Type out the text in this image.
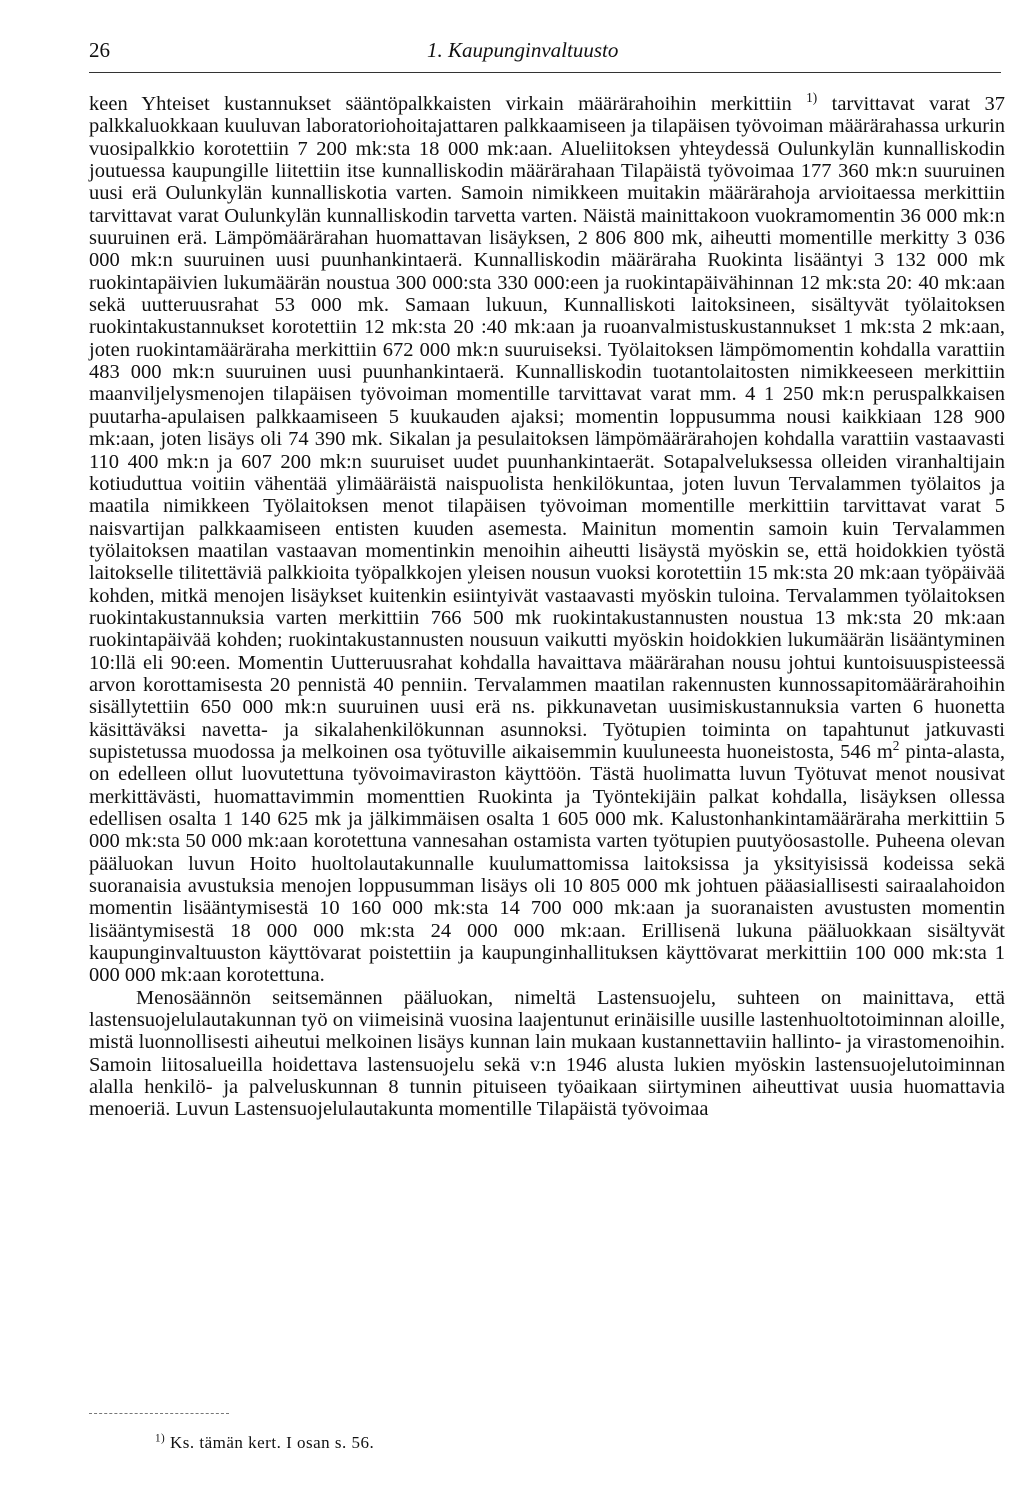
26	1. Kaupunginvaltuusto

keen Yhteiset kustannukset sääntöpalkkaisten virkain määrärahoihin merkittiin $^{1)}$ tarvittavat varat 37 palkkaluokkaan kuuluvan laboratoriohoitajattaren palkkaamiseen ja tilapäisen työvoiman määrärahassa urkurin vuosipalkkio korotettiin 7 200 mk:sta 18 000 mk:aan. Alueliitoksen yhteydessä Oulunkylän kunnalliskodin joutuessa kaupungille liitettiin itse kunnalliskodin määrärahaan Tilapäistä työvoimaa 177 360 mk:n suuruinen uusi erä Oulunkylän kunnalliskotia varten. Samoin nimikkeen muitakin määrärahoja arvioitaessa merkittiin tarvittavat varat Oulunkylän kunnalliskodin tarvetta varten. Näistä mainittakoon vuokramomentin 36 000 mk:n suuruinen erä. Lämpömäärärahan huomattavan lisäyksen, 2 806 800 mk, aiheutti momentille merkitty 3 036 000 mk:n suuruinen uusi puunhankintaerä. Kunnalliskodin määräraha Ruokinta lisääntyi 3 132 000 mk ruokintapäivien lukumäärän noustua 300 000:sta 330 000:een ja ruokintapäivähinnan 12 mk:sta 20: 40 mk:aan sekä uutteruusrahat 53 000 mk. Samaan lukuun, Kunnalliskoti laitoksineen, sisältyvät työlaitoksen ruokintakustannukset korotettiin 12 mk:sta 20 :40 mk:aan ja ruoanvalmistuskustannukset 1 mk:sta 2 mk:aan, joten ruokintamääräraha merkittiin 672 000 mk:n suuruiseksi. Työlaitoksen lämpömomentin kohdalla varattiin 483 000 mk:n suuruinen uusi puunhankintaerä. Kunnalliskodin tuotantolaitosten nimikkeeseen merkittiin maanviljelysmenojen tilapäisen työvoiman momentille tarvittavat varat mm. 4 1 250 mk:n peruspalkkaisen puutarha-apulaisen palkkaamiseen 5 kuukauden ajaksi; momentin loppusumma nousi kaikkiaan 128 900 mk:aan, joten lisäys oli 74 390 mk. Sikalan ja pesulaitoksen lämpömäärärahojen kohdalla varattiin vastaavasti 110 400 mk:n ja 607 200 mk:n suuruiset uudet puunhankintaerät. Sotapalveluksessa olleiden viranhaltijain kotiuduttua voitiin vähentää ylimääräistä naispuolista henkilökuntaa, joten luvun Tervalammen työlaitos ja maatila nimikkeen Työlaitoksen menot tilapäisen työvoiman momentille merkittiin tarvittavat varat 5 naisvartijan palkkaamiseen entisten kuuden asemesta. Mainitun momentin samoin kuin Tervalammen työlaitoksen maatilan vastaavan momentinkin menoihin aiheutti lisäystä myöskin se, että hoidokkien työstä laitokselle tilitettäviä palkkioita työpalkkojen yleisen nousun vuoksi korotettiin 15 mk:sta 20 mk:aan työpäivää kohden, mitkä menojen lisäykset kuitenkin esiintyivät vastaavasti myöskin tuloina. Tervalammen työlaitoksen ruokintakustannuksia varten merkittiin 766 500 mk ruokintakustannusten noustua 13 mk:sta 20 mk:aan ruokintapäivää kohden; ruokintakustannusten nousuun vaikutti myöskin hoidokkien lukumäärän lisääntyminen 10:llä eli 90:een. Momentin Uutteruusrahat kohdalla havaittava määrärahan nousu johtui kuntoisuuspisteessä arvon korottamisesta 20 pennistä 40 penniin. Tervalammen maatilan rakennusten kunnossapitomäärärahoihin sisällytettiin 650 000 mk:n suuruinen uusi erä ns. pikkunavetan uusimiskustannuksia varten 6 huonetta käsittäväksi navetta- ja sikalahenkilökunnan asunnoksi. Työtupien toiminta on tapahtunut jatkuvasti supistetussa muodossa ja melkoinen osa työtuville aikaisemmin kuuluneesta huoneistosta, 546 $m^2$ pinta-alasta, on edelleen ollut luovutettuna työvoimaviraston käyttöön. Tästä huolimatta luvun Työtuvat menot nousivat merkittävästi, huomattavimmin momenttien Ruokinta ja Työntekijäin palkat kohdalla, lisäyksen ollessa edellisen osalta 1 140 625 mk ja jälkimmäisen osalta 1 605 000 mk. Kalustonhankintamääräraha merkittiin 5 000 mk:sta 50 000 mk:aan korotettuna vannesahan ostamista varten työtupien puutyöosastolle. Puheena olevan pääluokan luvun Hoito huoltolautakunnalle kuulumattomissa laitoksissa ja yksityisissä kodeissa sekä suoranaisia avustuksia menojen loppusumman lisäys oli 10 805 000 mk johtuen pääasiallisesti sairaalahoidon momentin lisääntymisestä 10 160 000 mk:sta 14 700 000 mk:aan ja suoranaisten avustusten momentin lisääntymisestä 18 000 000 mk:sta 24 000 000 mk:aan. Erillisenä lukuna pääluokkaan sisältyvät kaupunginvaltuuston käyttövarat poistettiin ja kaupunginhallituksen käyttövarat merkittiin 100 000 mk:sta 1 000 000 mk:aan korotettuna.

Menosäännön seitsemännen pääluokan, nimeltä Lastensuojelu, suhteen on mainittava, että lastensuojelulautakunnan työ on viimeisinä vuosina laajentunut erinäisille uusille lastenhuoltotoiminnan aloille, mistä luonnollisesti aiheutui melkoinen lisäys kunnan lain mukaan kustannettaviin hallinto- ja virastomenoihin. Samoin liitosalueilla hoidettava lastensuojelu sekä v:n 1946 alusta lukien myöskin lastensuojelutoiminnan alalla henkilö- ja palveluskunnan 8 tunnin pituiseen työaikaan siirtyminen aiheuttivat uusia huomattavia menoeriä. Luvun Lastensuojelulautakunta momentille Tilapäistä työvoimaa

$^{1)}$ Ks. tämän kert. I osan s. 56.
